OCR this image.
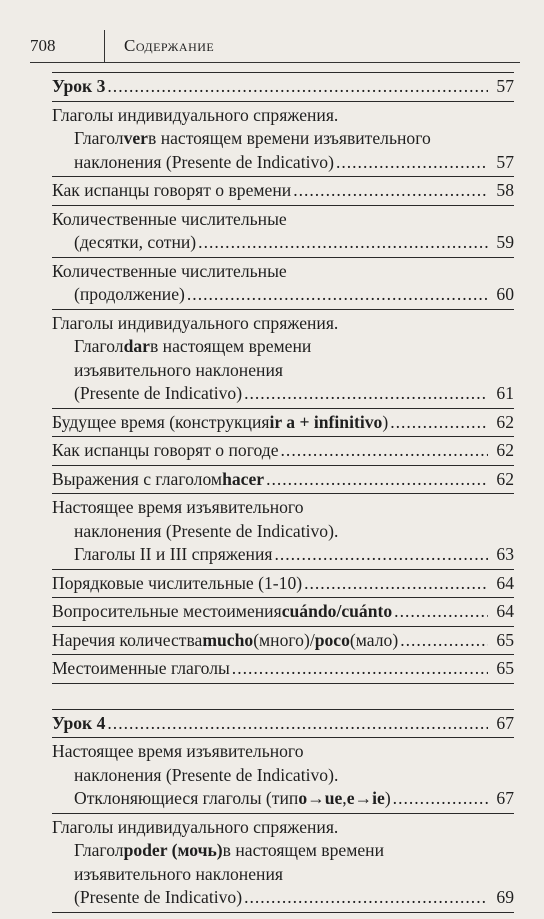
708	Содержание
Урок 3 .....	57
Глаголы индивидуального спряжения.
Глагол ver в настоящем времени изъявительного
наклонения (Presente de Indicativo) .....	57
Как испанцы говорят о времени .....	58
Количественные числительные
(десятки, сотни) .....	59
Количественные числительные
(продолжение) .....	60
Глаголы индивидуального спряжения.
Глагол dar в настоящем времени
изъявительного наклонения
(Presente de Indicativo) .....	61
Будущее время (конструкция ir a + infinitivo ) .....	62
Как испанцы говорят о погоде .....	62
Выражения с глаголом hacer .....	62
Настоящее время изъявительного
наклонения (Presente de Indicativo).
Глаголы II и III спряжения .....	63
Порядковые числительные (1-10) .....	64
Вопросительные местоимения cuándo/cuánto .....	64
Наречия количества mucho (много)/ poco (мало) .....	65
Местоименные глаголы .....	65
Урок 4 .....	67
Настоящее время изъявительного
наклонения (Presente de Indicativo).
Отклоняющиеся глаголы (тип o→ue , e→ie ) .....	67
Глаголы индивидуального спряжения.
Глагол poder (мочь) в настоящем времени
изъявительного наклонения
(Presente de Indicativo) .....	69
